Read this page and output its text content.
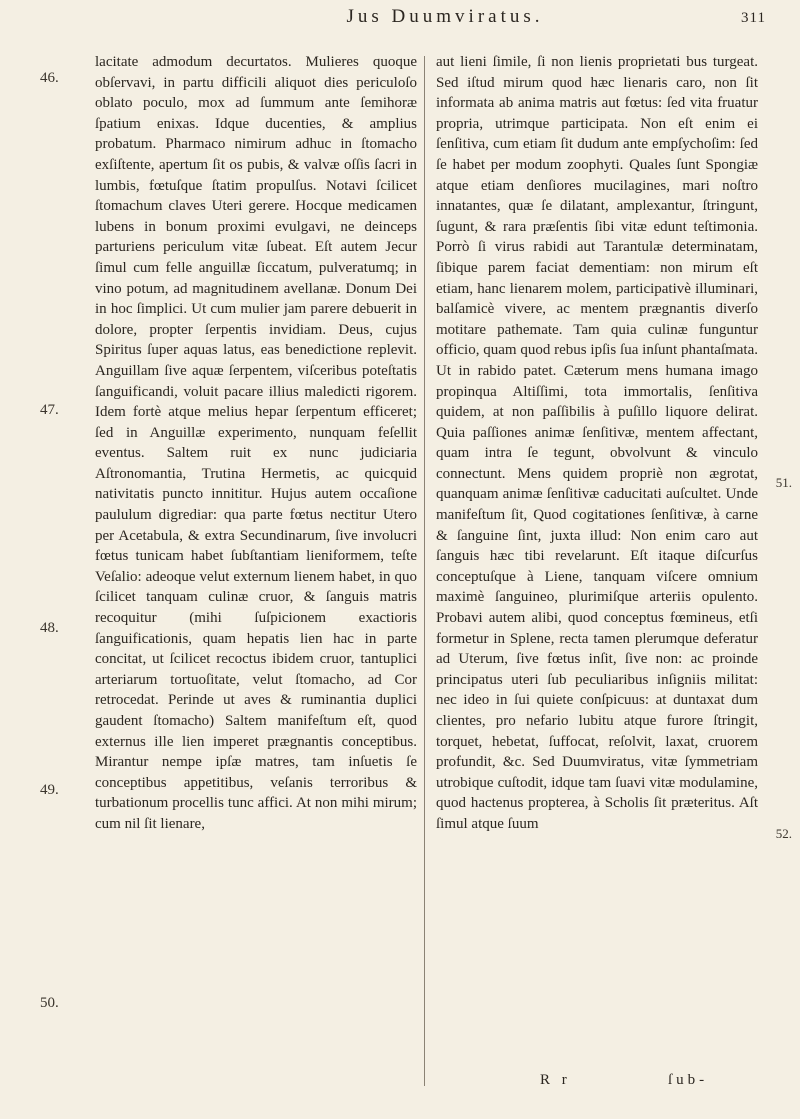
Jus Duumviratus.	311
46.
47.
48.
49.
50.

lacitate admodum decurtatos. Mulieres quoque obſervavi, in partu difficili aliquot dies periculoſo oblato poculo, mox ad ſummum ante ſemihoræ ſpatium enixas. Idque ducenties, & amplius probatum. Pharmaco nimirum adhuc in ſtomacho exſiſtente, apertum ſit os pubis, & valvæ oſſis ſacri in lumbis, fœtuſque ſtatim propulſus. Notavi ſcilicet ſtomachum claves Uteri gerere. Hocque medicamen lubens in bonum proximi evulgavi, ne deinceps parturiens periculum vitæ ſubeat. Eſt autem Jecur ſimul cum felle anguillæ ſiccatum, pulveratumq; in vino potum, ad magnitudinem avellanæ. Donum Dei in hoc ſimplici. Ut cum mulier jam parere debuerit in dolore, propter ſerpentis invidiam. Deus, cujus Spiritus ſuper aquas latus, eas benedictione replevit. Anguillam ſive aquæ ſerpentem, viſceribus poteſtatis ſanguificandi, voluit pacare illius maledicti rigorem. Idem fortè atque melius hepar ſerpentum efficeret; ſed in Anguillæ experimento, nunquam feſellit eventus. Saltem ruit ex nunc judiciaria Aſtronomantia, Trutina Hermetis, ac quicquid nativitatis puncto innititur. Hujus autem occaſione paululum digrediar: qua parte fœtus nectitur Utero per Acetabula, & extra Secundinarum, ſive involucri fœtus tunicam habet ſubſtantiam lieniformem, teſte Veſalio: adeoque velut externum lienem habet, in quo ſcilicet tanquam culinæ cruor, & ſanguis matris recoquitur (mihi ſuſpicionem exactioris ſanguificationis, quam hepatis lien hac in parte concitat, ut ſcilicet recoctus ibidem cruor, tantuplici arteriarum tortuoſitate, velut ſtomacho, ad Cor retrocedat. Perinde ut aves & ruminantia duplici gaudent ſtomacho) Saltem manifeſtum eſt, quod externus ille lien imperet prægnantis conceptibus. Mirantur nempe ipſæ matres, tam inſuetis ſe conceptibus appetitibus, veſanis terroribus & turbationum procellis tunc affici. At non mihi mirum; cum nil ſit lienare,

aut lieni ſimile, ſi non lienis proprietati bus turgeat. Sed iſtud mirum quod hæc lienaris caro, non ſit informata ab anima matris aut fœtus: ſed vita fruatur propria, utrimque participata. Non eſt enim ei ſenſitiva, cum etiam ſit dudum ante empſychoſim: ſed ſe habet per modum zoophyti. Quales ſunt Spongiæ atque etiam denſiores mucilagines, mari noſtro innatantes, quæ ſe dilatant, amplexantur, ſtringunt, ſugunt, & rara præſentis ſibi vitæ edunt teſtimonia. Porrò ſi virus rabidi aut Tarantulæ determinatam, ſibique parem faciat dementiam: non mirum eſt etiam, hanc lienarem molem, participativè illuminari, balſamicè vivere, ac mentem prægnantis diverſo motitare pathemate. Tam quia culinæ funguntur officio, quam quod rebus ipſis ſua inſunt phantaſmata. Ut in rabido patet. Cæterum mens humana imago propinqua Altiſſimi, tota immortalis, ſenſitiva quidem, at non paſſibilis à puſillo liquore delirat. Quia paſſiones animæ ſenſitivæ, mentem affectant, quam intra ſe tegunt, obvolvunt & vinculo connectunt. Mens quidem propriè non ægrotat, quanquam animæ ſenſitivæ caducitati auſcultet. Unde manifeſtum ſit, Quod cogitationes ſenſitivæ, à carne & ſanguine ſint, juxta illud: Non enim caro aut ſanguis hæc tibi revelarunt. Eſt itaque diſcurſus conceptuſque à Liene, tanquam viſcere omnium maximè ſanguineo, plurimiſque arteriis opulento. Probavi autem alibi, quod conceptus fœmineus, etſi formetur in Splene, recta tamen plerumque deferatur ad Uterum, ſive fœtus inſit, ſive non: ac proinde principatus uteri ſub peculiaribus inſigniis militat: nec ideo in ſui quiete conſpicuus: at duntaxat dum clientes, pro nefario lubitu atque furore ſtringit, torquet, hebetat, ſuffocat, reſolvit, laxat, cruorem profundit, &c. Sed Duumviratus, vitæ ſymmetriam utrobique cuſtodit, idque tam ſuavi vitæ modulamine, quod hactenus propterea, à Scholis ſit præteritus. Aſt ſimul atque ſuum

51.
52.
R r	ſub-
